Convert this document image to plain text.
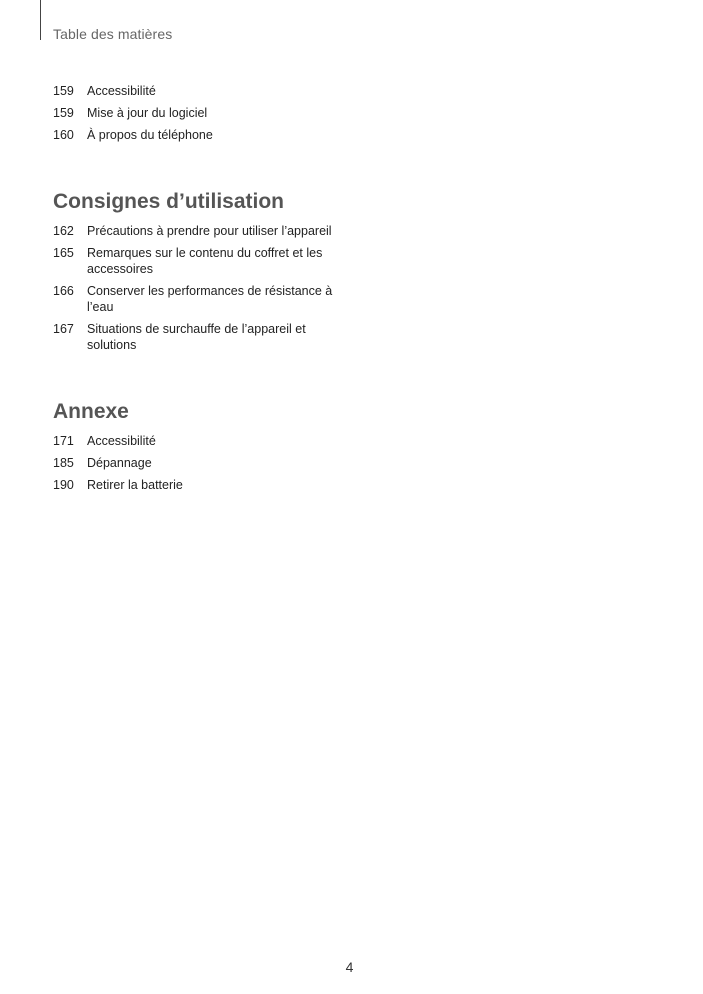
Table des matières
159	Accessibilité
159	Mise à jour du logiciel
160	À propos du téléphone
Consignes d’utilisation
162	Précautions à prendre pour utiliser l’appareil
165	Remarques sur le contenu du coffret et les accessoires
166	Conserver les performances de résistance à l’eau
167	Situations de surchauffe de l’appareil et solutions
Annexe
171	Accessibilité
185	Dépannage
190	Retirer la batterie
4
